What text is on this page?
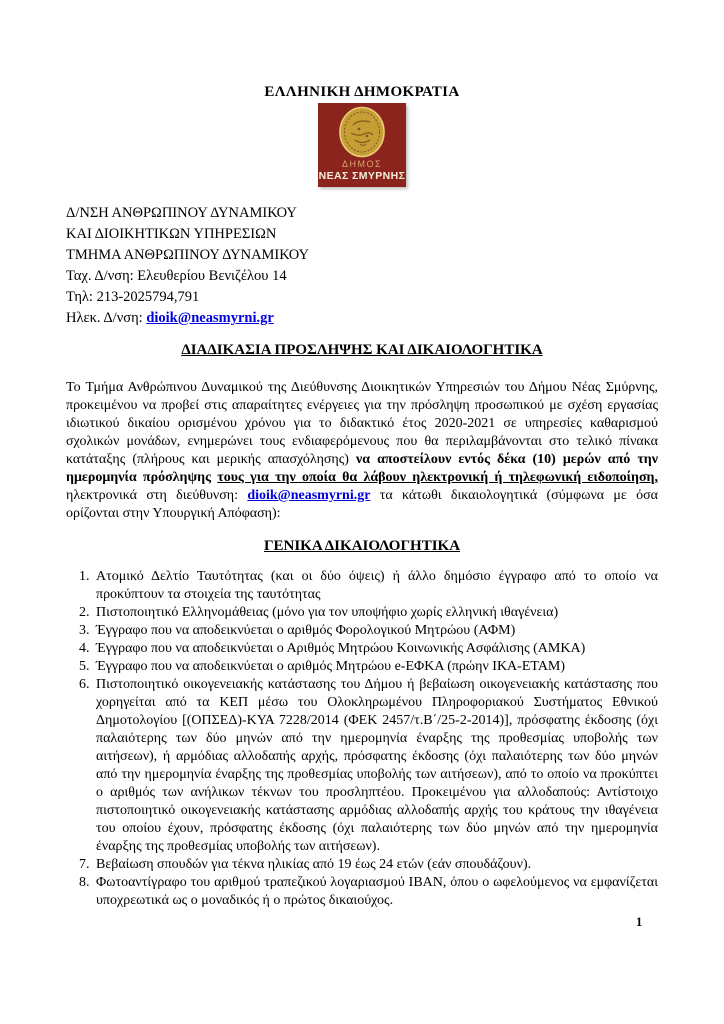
ΕΛΛΗΝΙΚΗ ΔΗΜΟΚΡΑΤΙΑ
ΔΗΜΟΣ
ΝΕΑΣ ΣΜΥΡΝΗΣ
Δ/ΝΣΗ ΑΝΘΡΩΠΙΝΟΥ ΔΥΝΑΜΙΚΟΥ
ΚΑΙ ΔΙΟΙΚΗΤΙΚΩΝ ΥΠΗΡΕΣΙΩΝ
ΤΜΗΜΑ ΑΝΘΡΩΠΙΝΟΥ ΔΥΝΑΜΙΚΟΥ
Ταχ. Δ/νση: Ελευθερίου Βενιζέλου 14
Τηλ: 213-2025794,791
Ηλεκ. Δ/νση: dioik@neasmyrni.gr
ΔΙΑΔΙΚΑΣΙΑ ΠΡΟΣΛΗΨΗΣ ΚΑΙ ΔΙΚΑΙΟΛΟΓΗΤΙΚΑ

Το Τμήμα Ανθρώπινου Δυναμικού της Διεύθυνσης Διοικητικών Υπηρεσιών του Δήμου Νέας Σμύρνης, προκειμένου να προβεί στις απαραίτητες ενέργειες για την πρόσληψη προσωπικού με σχέση εργασίας ιδιωτικού δικαίου ορισμένου χρόνου για το διδακτικό έτος 2020-2021 σε υπηρεσίες καθαρισμού σχολικών μονάδων, ενημερώνει τους ενδιαφερόμενους που θα περιλαμβάνονται στο τελικό πίνακα κατάταξης (πλήρους και μερικής απασχόλησης) να αποστείλουν εντός δέκα (10) μερών από την ημερομηνία πρόσληψης τους για την οποία θα λάβουν ηλεκτρονική ή τηλεφωνική ειδοποίηση, ηλεκτρονικά στη διεύθυνση: dioik@neasmyrni.gr τα κάτωθι δικαιολογητικά (σύμφωνα με όσα ορίζονται στην Υπουργική Απόφαση):

ΓΕΝΙΚΑ ΔΙΚΑΙΟΛΟΓΗΤΙΚΑ
1. Ατομικό Δελτίο Ταυτότητας (και οι δύο όψεις) ή άλλο δημόσιο έγγραφο από το οποίο να προκύπτουν τα στοιχεία της ταυτότητας
2. Πιστοποιητικό Ελληνομάθειας (μόνο για τον υποψήφιο χωρίς ελληνική ιθαγένεια)
3. Έγγραφο που να αποδεικνύεται ο αριθμός Φορολογικού Μητρώου (ΑΦΜ)
4. Έγγραφο που να αποδεικνύεται ο Αριθμός Μητρώου Κοινωνικής Ασφάλισης (ΑΜΚΑ)
5. Έγγραφο που να αποδεικνύεται ο αριθμός Μητρώου e-ΕΦΚΑ (πρώην ΙΚΑ-ΕΤΑΜ)
6. Πιστοποιητικό οικογενειακής κατάστασης του Δήμου ή βεβαίωση οικογενειακής κατάστασης που χορηγείται από τα ΚΕΠ μέσω του Ολοκληρωμένου Πληροφοριακού Συστήματος Εθνικού Δημοτολογίου [(ΟΠΣΕΔ)-ΚΥΑ 7228/2014 (ΦΕΚ 2457/τ.Β΄/25-2-2014)], πρόσφατης έκδοσης (όχι παλαιότερης των δύο μηνών από την ημερομηνία έναρξης της προθεσμίας υποβολής των αιτήσεων), ή αρμόδιας αλλοδαπής αρχής, πρόσφατης έκδοσης (όχι παλαιότερης των δύο μηνών από την ημερομηνία έναρξης της προθεσμίας υποβολής των αιτήσεων), από το οποίο να προκύπτει ο αριθμός των ανήλικων τέκνων του προσληπτέου. Προκειμένου για αλλοδαπούς: Αντίστοιχο πιστοποιητικό οικογενειακής κατάστασης αρμόδιας αλλοδαπής αρχής του κράτους την ιθαγένεια του οποίου έχουν, πρόσφατης έκδοσης (όχι παλαιότερης των δύο μηνών από την ημερομηνία έναρξης της προθεσμίας υποβολής των αιτήσεων).
7. Βεβαίωση σπουδών για τέκνα ηλικίας από 19 έως 24 ετών (εάν σπουδάζουν).
8. Φωτοαντίγραφο του αριθμού τραπεζικού λογαριασμού ΙΒΑΝ, όπου ο ωφελούμενος να εμφανίζεται υποχρεωτικά ως ο μοναδικός ή ο πρώτος δικαιούχος.
1
